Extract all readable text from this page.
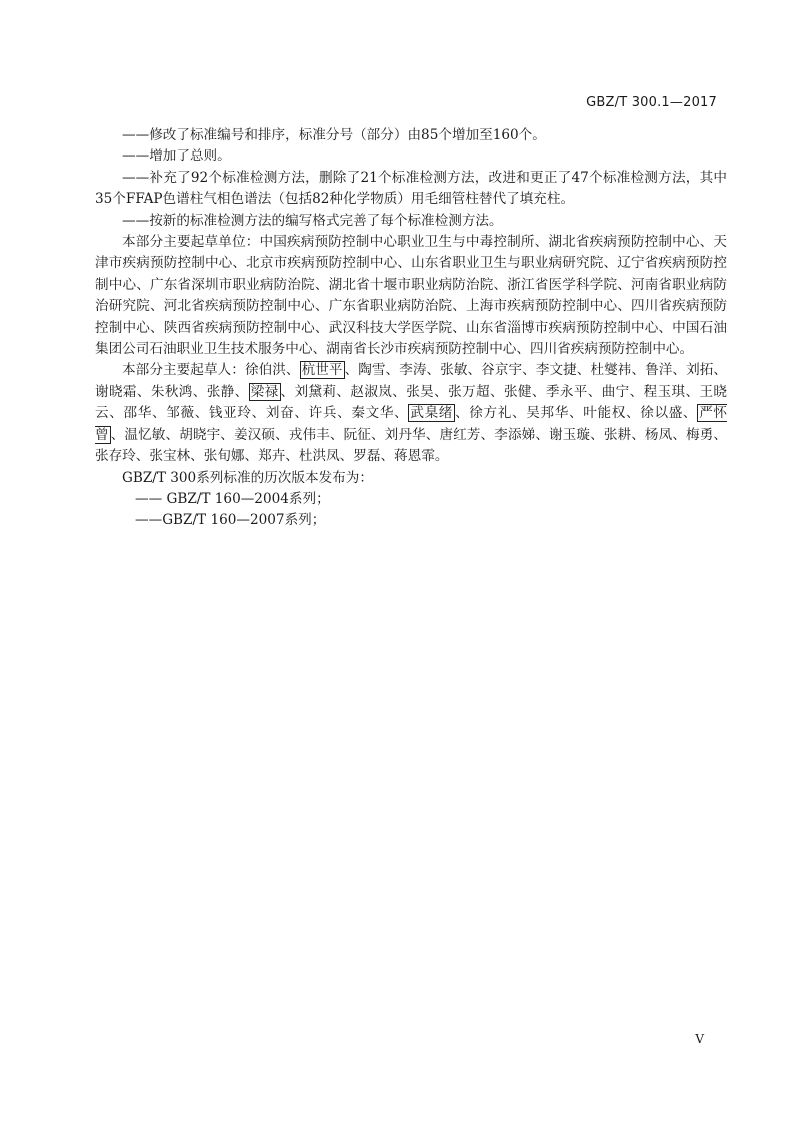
GBZ/T 300.1—2017

——修改了标准编号和排序，标准分号（部分）由85个增加至160个。

——增加了总则。

——补充了92个标准检测方法，删除了21个标准检测方法，改进和更正了47个标准检测方法，其中35个FFAP色谱柱气相色谱法（包括82种化学物质）用毛细管柱替代了填充柱。

——按新的标准检测方法的编写格式完善了每个标准检测方法。

本部分主要起草单位：中国疾病预防控制中心职业卫生与中毒控制所、湖北省疾病预防控制中心、天津市疾病预防控制中心、北京市疾病预防控制中心、山东省职业卫生与职业病研究院、辽宁省疾病预防控制中心、广东省深圳市职业病防治院、湖北省十堰市职业病防治院、浙江省医学科学院、河南省职业病防治研究院、河北省疾病预防控制中心、广东省职业病防治院、上海市疾病预防控制中心、四川省疾病预防控制中心、陕西省疾病预防控制中心、武汉科技大学医学院、山东省淄博市疾病预防控制中心、中国石油集团公司石油职业卫生技术服务中心、湖南省长沙市疾病预防控制中心、四川省疾病预防控制中心。

本部分主要起草人：徐伯洪、 杭世平 、陶雪、李涛、张敏、谷京宇、李文捷、杜燮祎、鲁洋、刘拓、谢晓霜、朱秋鸿、张静、 梁禄 、刘黛莉、赵淑岚、张昊、张万超、张健、季永平、曲宁、程玉琪、王晓云、邵华、邹薇、钱亚玲、刘奋、许兵、秦文华、 武臬绪 、徐方礼、吴邦华、叶能权、徐以盛、 严怀曾 、温忆敏、胡晓宇、姜汉硕、戎伟丰、阮征、刘丹华、唐红芳、李添娣、谢玉璇、张耕、杨凤、梅勇、张存玲、张宝林、张旬娜、郑卉、杜洪凤、罗磊、蒋恩霏。

GBZ/T 300系列标准的历次版本发布为：

—— GBZ/T 160—2004系列；

——GBZ/T 160—2007系列；

V
